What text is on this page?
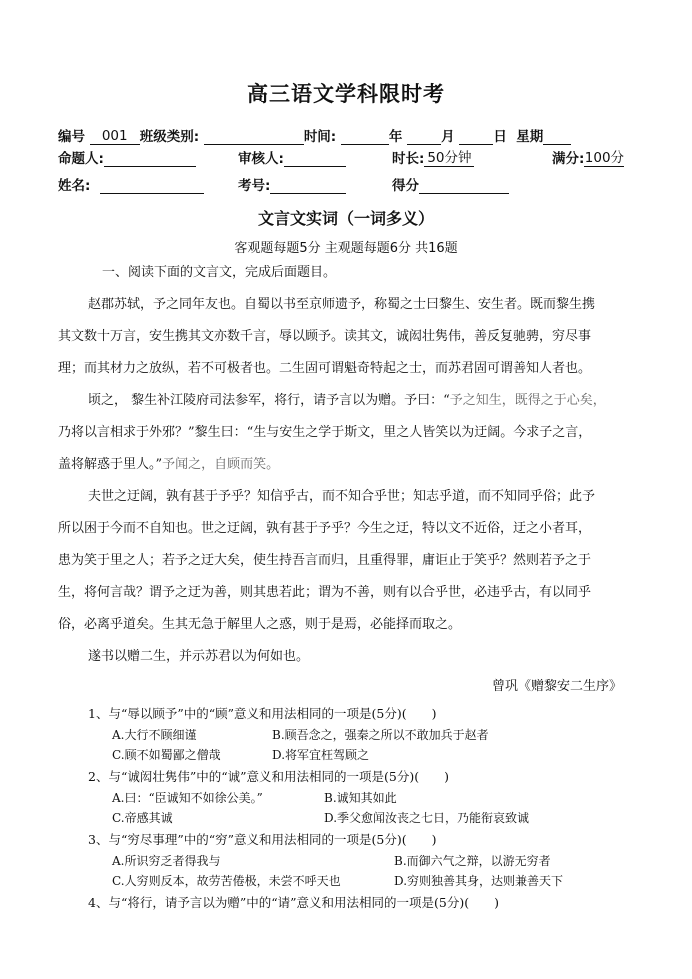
高三语文学科限时考
编号 001 班级类别:	时间:	年	月	日 星期
命题人:	审核人:	时长: 50分钟	满分:100分
姓名:	考号:	得分
文言文实词（一词多义）
客观题每题5分 主观题每题6分 共16题
一、阅读下面的文言文，完成后面题目。
赵郡苏轼，予之同年友也。自蜀以书至京师遗予，称蜀之士曰黎生、安生者。既而黎生携
其文数十万言，安生携其文亦数千言，辱以顾予。读其文，诚闳壮隽伟，善反复驰骋，穷尽事
理；而其材力之放纵，若不可极者也。二生固可谓魁奇特起之士，而苏君固可谓善知人者也。
顷之， 黎生补江陵府司法参军，将行，请予言以为赠。予曰：“予之知生，既得之于心矣，
乃将以言相求于外邪？”黎生曰：“生与安生之学于斯文，里之人皆笑以为迂阔。今求子之言，
盖将解惑于里人。”予闻之，自顾而笑。
夫世之迂阔，孰有甚于予乎？知信乎古，而不知合乎世；知志乎道，而不知同乎俗；此予
所以困于今而不自知也。世之迂阔，孰有甚于予乎？今生之迂，特以文不近俗，迂之小者耳，
患为笑于里之人；若予之迂大矣，使生持吾言而归，且重得罪，庸讵止于笑乎？然则若予之于
生，将何言哉？谓予之迂为善，则其患若此；谓为不善，则有以合乎世，必违乎古，有以同乎
俗，必离乎道矣。生其无急于解里人之惑，则于是焉，必能择而取之。
遂书以赠二生，并示苏君以为何如也。
曾巩《赠黎安二生序》
1、与“辱以顾予”中的“顾”意义和用法相同的一项是(5分)(　　)
A.大行不顾细谨	B.顾吾念之，强秦之所以不敢加兵于赵者
C.顾不如蜀鄙之僧哉	D.将军宜枉驾顾之
2、与“诚闳壮隽伟”中的“诚”意义和用法相同的一项是(5分)(　　)
A.曰：“臣诚知不如徐公美。”	B.诚知其如此
C.帝感其诚	D.季父愈闻汝丧之七日，乃能衔哀致诚
3、与“穷尽事理”中的“穷”意义和用法相同的一项是(5分)(　　)
A.所识穷乏者得我与	B.而御六气之辩，以游无穷者
C.人穷则反本，故劳苦倦极，未尝不呼天也	D.穷则独善其身，达则兼善天下
4、与“将行，请予言以为赠”中的“请”意义和用法相同的一项是(5分)(　　)
